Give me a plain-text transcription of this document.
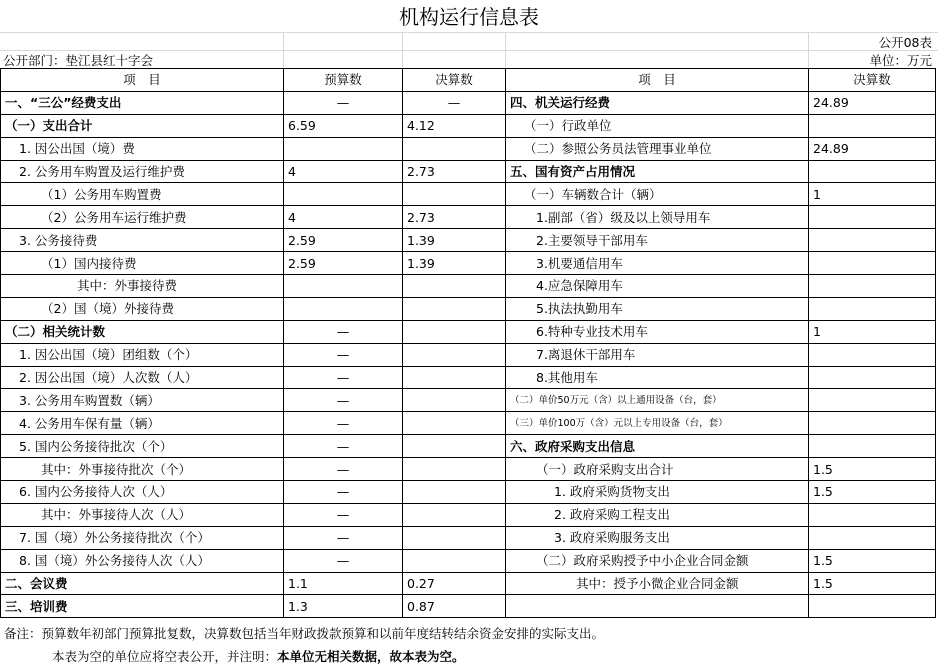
机构运行信息表
公开08表
公开部门：垫江县红十字会	单位：万元
项　目	预算数	决算数	项　目	决算数
一、“三公”经费支出	—	—	四、机关运行经费	24.89
（一）支出合计	6.59	4.12	（一）行政单位	
1. 因公出国（境）费			（二）参照公务员法管理事业单位	24.89
2. 公务用车购置及运行维护费	4	2.73	五、国有资产占用情况	
（1）公务用车购置费			（一）车辆数合计（辆）	1
（2）公务用车运行维护费	4	2.73	1.副部（省）级及以上领导用车	
3. 公务接待费	2.59	1.39	2.主要领导干部用车	
（1）国内接待费	2.59	1.39	3.机要通信用车	
其中：外事接待费			4.应急保障用车	
（2）国（境）外接待费			5.执法执勤用车	
（二）相关统计数	—		6.特种专业技术用车	1
1. 因公出国（境）团组数（个）	—		7.离退休干部用车	
2. 因公出国（境）人次数（人）	—		8.其他用车	
3. 公务用车购置数（辆）	—		（二）单价50万元（含）以上通用设备（台，套）	
4. 公务用车保有量（辆）	—		（三）单价100万（含）元以上专用设备（台，套）	
5. 国内公务接待批次（个）	—		六、政府采购支出信息	
其中：外事接待批次（个）	—		（一）政府采购支出合计	1.5
6. 国内公务接待人次（人）	—		1. 政府采购货物支出	1.5
其中：外事接待人次（人）	—		2. 政府采购工程支出	
7. 国（境）外公务接待批次（个）	—		3. 政府采购服务支出	
8. 国（境）外公务接待人次（人）	—		（二）政府采购授予中小企业合同金额	1.5
二、会议费	1.1	0.27	其中：授予小微企业合同金额	1.5
三、培训费	1.3	0.87		
备注：预算数年初部门预算批复数，决算数包括当年财政拨款预算和以前年度结转结余资金安排的实际支出。
本表为空的单位应将空表公开，并注明：本单位无相关数据，故本表为空。
